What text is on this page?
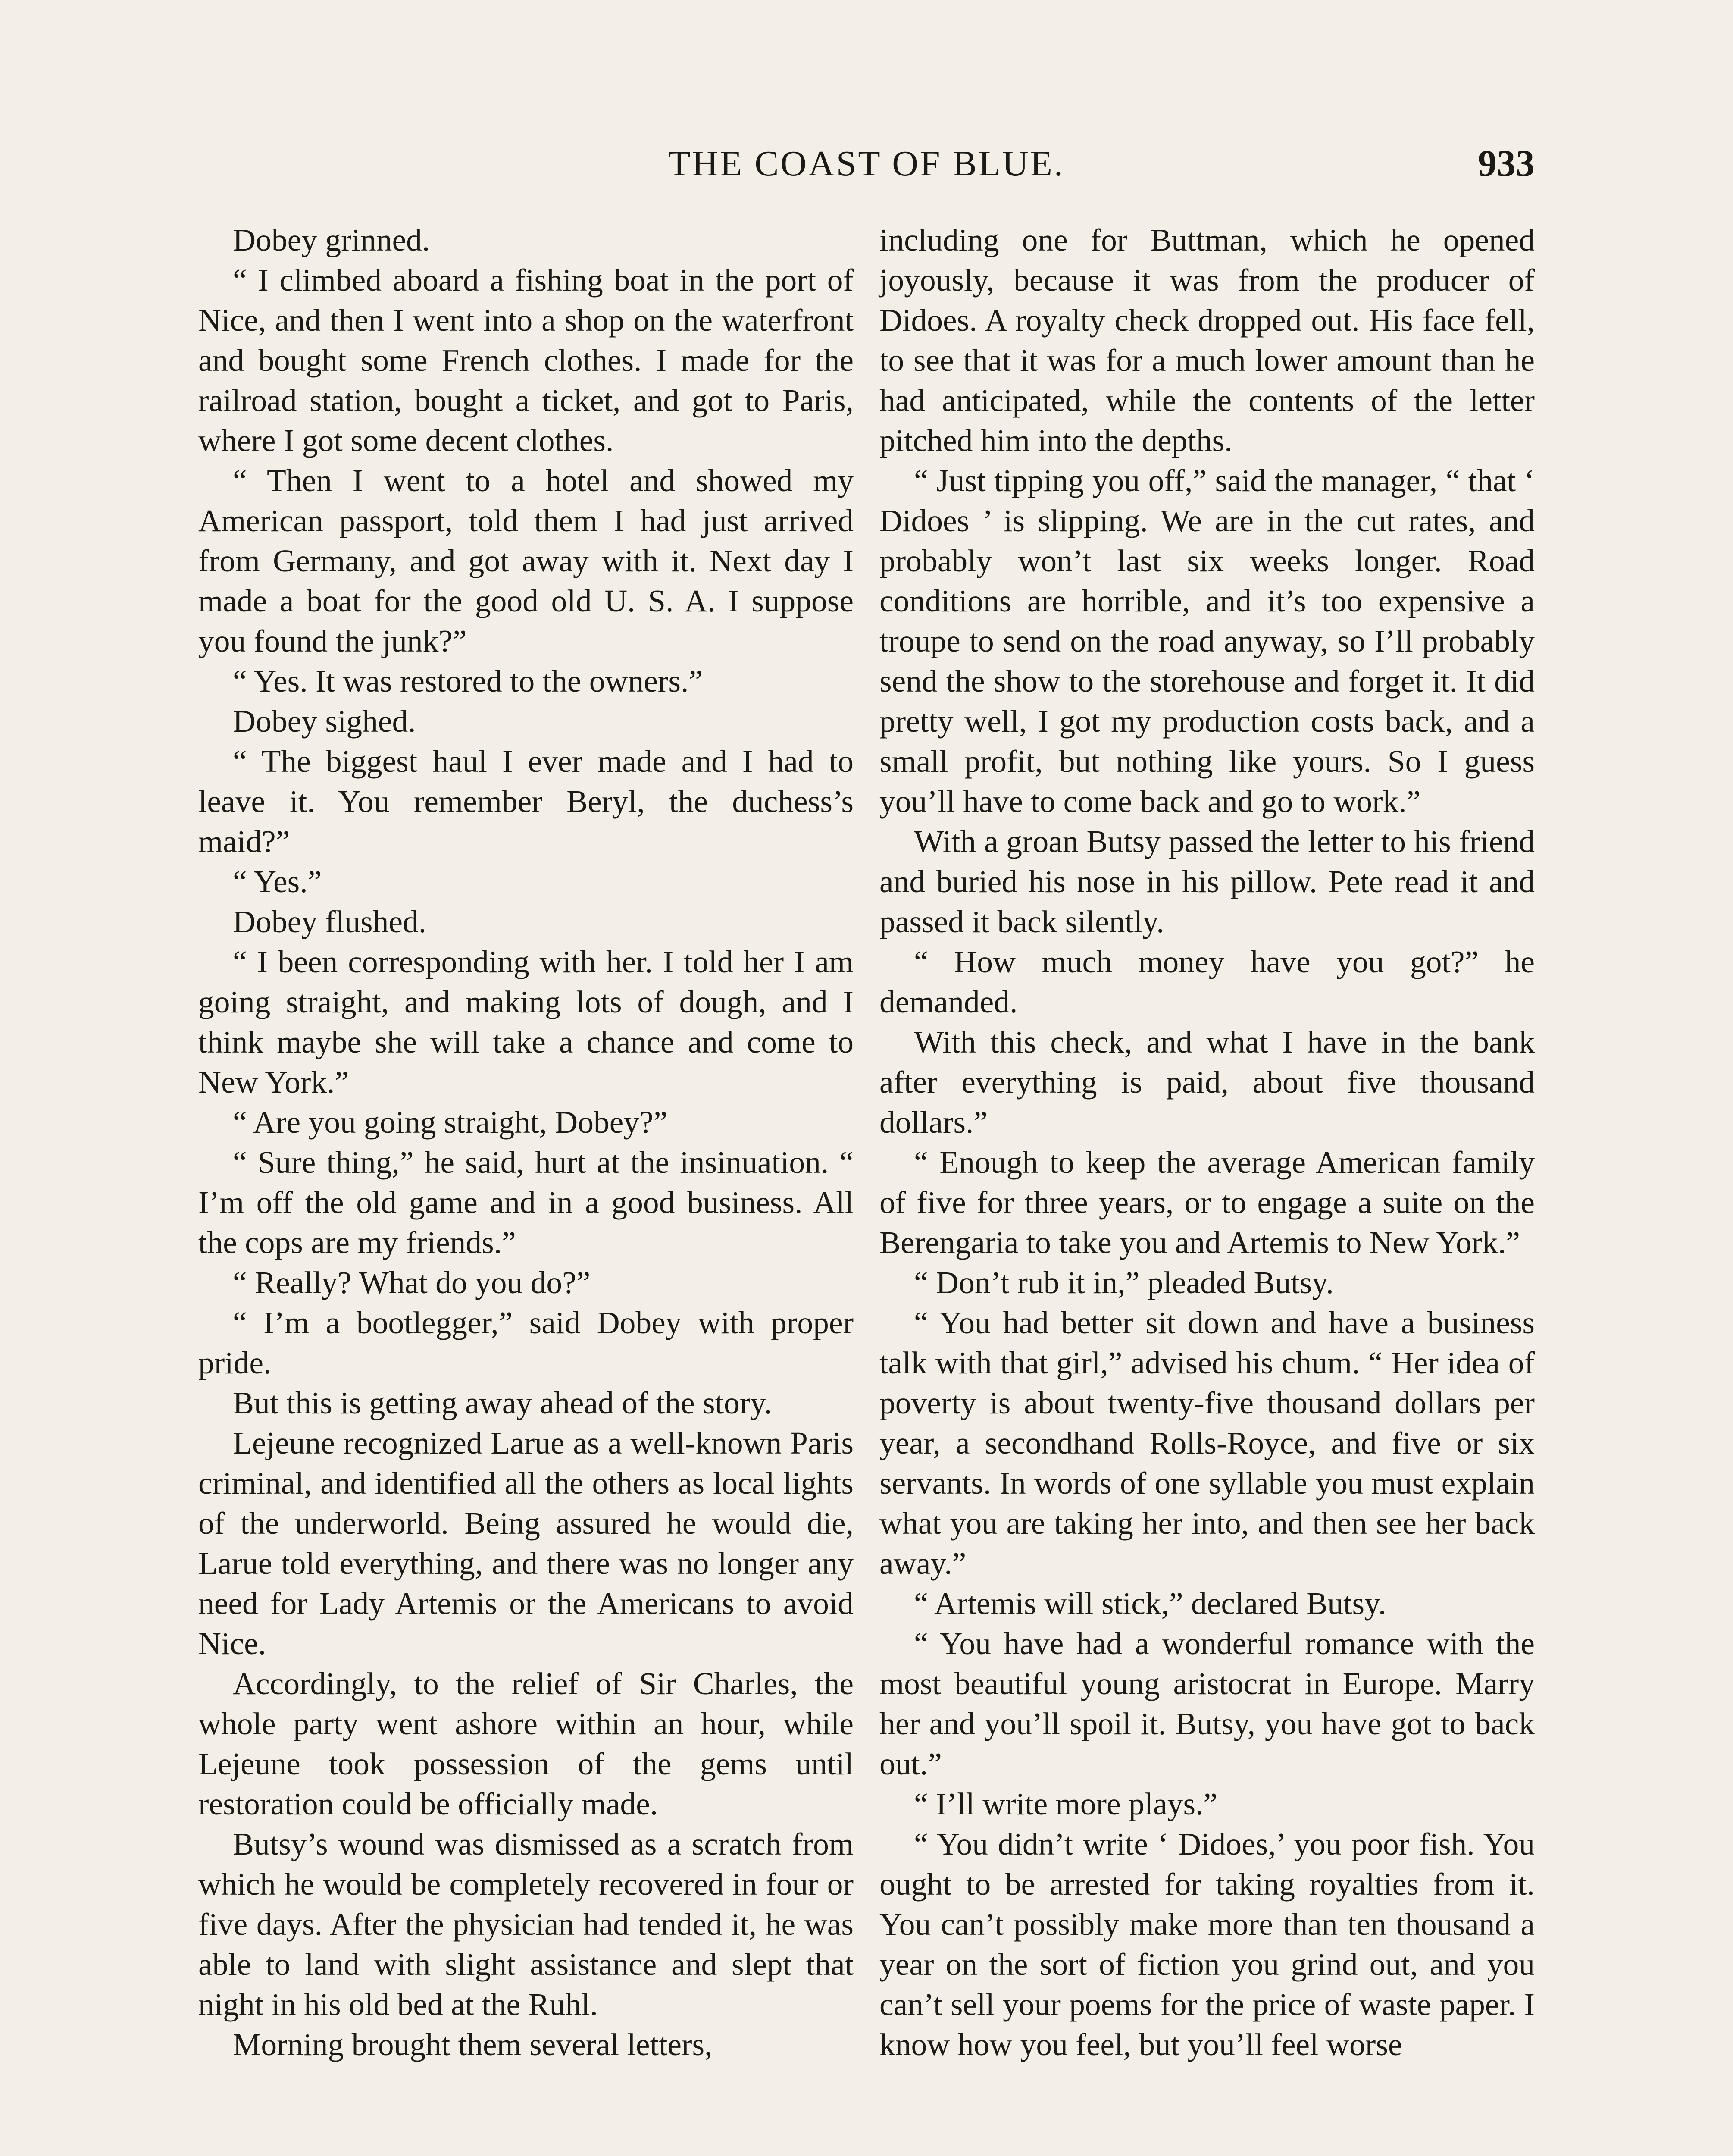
THE COAST OF BLUE.	933

Dobey grinned.

“ I climbed aboard a fishing boat in the port of Nice, and then I went into a shop on the waterfront and bought some French clothes. I made for the railroad station, bought a ticket, and got to Paris, where I got some decent clothes.

“ Then I went to a hotel and showed my American passport, told them I had just arrived from Germany, and got away with it. Next day I made a boat for the good old U. S. A. I suppose you found the junk?”

“ Yes. It was restored to the owners.”

Dobey sighed.

“ The biggest haul I ever made and I had to leave it. You remember Beryl, the duchess’s maid?”

“ Yes.”

Dobey flushed.

“ I been corresponding with her. I told her I am going straight, and making lots of dough, and I think maybe she will take a chance and come to New York.”

“ Are you going straight, Dobey?”

“ Sure thing,” he said, hurt at the insinuation. “ I’m off the old game and in a good business. All the cops are my friends.”

“ Really? What do you do?”

“ I’m a bootlegger,” said Dobey with proper pride.

But this is getting away ahead of the story.

Lejeune recognized Larue as a well-known Paris criminal, and identified all the others as local lights of the underworld. Being assured he would die, Larue told everything, and there was no longer any need for Lady Artemis or the Americans to avoid Nice.

Accordingly, to the relief of Sir Charles, the whole party went ashore within an hour, while Lejeune took possession of the gems until restoration could be officially made.

Butsy’s wound was dismissed as a scratch from which he would be completely recovered in four or five days. After the physician had tended it, he was able to land with slight assistance and slept that night in his old bed at the Ruhl.

Morning brought them several letters,

including one for Buttman, which he opened joyously, because it was from the producer of Didoes. A royalty check dropped out. His face fell, to see that it was for a much lower amount than he had anticipated, while the contents of the letter pitched him into the depths.

“ Just tipping you off,” said the manager, “ that ‘ Didoes ’ is slipping. We are in the cut rates, and probably won’t last six weeks longer. Road conditions are horrible, and it’s too expensive a troupe to send on the road anyway, so I’ll probably send the show to the storehouse and forget it. It did pretty well, I got my production costs back, and a small profit, but nothing like yours. So I guess you’ll have to come back and go to work.”

With a groan Butsy passed the letter to his friend and buried his nose in his pillow. Pete read it and passed it back silently.

“ How much money have you got?” he demanded.

With this check, and what I have in the bank after everything is paid, about five thousand dollars.”

“ Enough to keep the average American family of five for three years, or to engage a suite on the Berengaria to take you and Artemis to New York.”

“ Don’t rub it in,” pleaded Butsy.

“ You had better sit down and have a business talk with that girl,” advised his chum. “ Her idea of poverty is about twenty-five thousand dollars per year, a secondhand Rolls-Royce, and five or six servants. In words of one syllable you must explain what you are taking her into, and then see her back away.”

“ Artemis will stick,” declared Butsy.

“ You have had a wonderful romance with the most beautiful young aristocrat in Europe. Marry her and you’ll spoil it. Butsy, you have got to back out.”

“ I’ll write more plays.”

“ You didn’t write ‘ Didoes,’ you poor fish. You ought to be arrested for taking royalties from it. You can’t possibly make more than ten thousand a year on the sort of fiction you grind out, and you can’t sell your poems for the price of waste paper. I know how you feel, but you’ll feel worse
